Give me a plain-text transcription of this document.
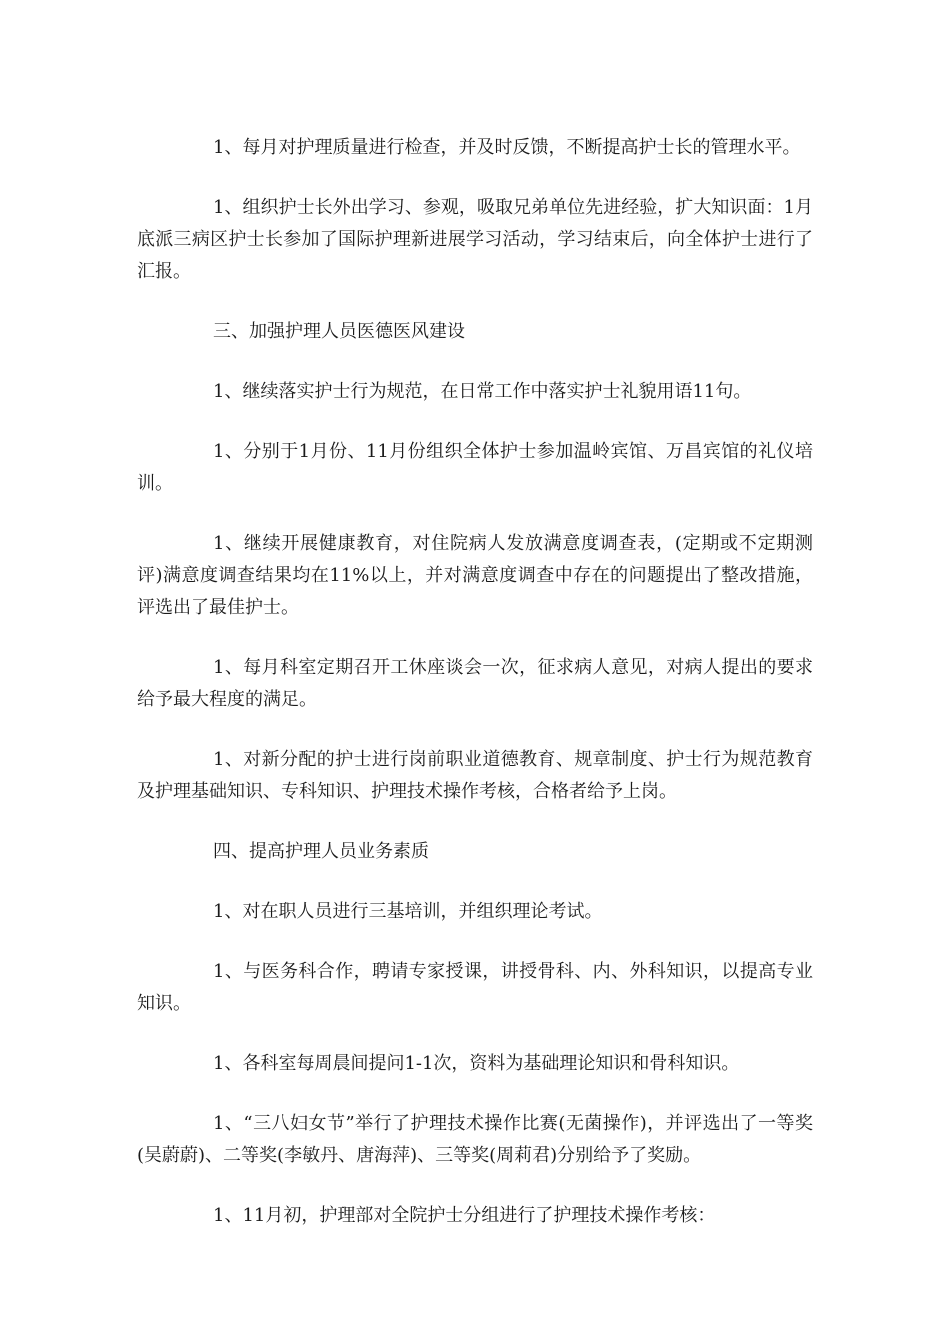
1、每月对护理质量进行检查，并及时反馈，不断提高护士长的管理水平。

1、组织护士长外出学习、参观，吸取兄弟单位先进经验，扩大知识面：1月底派三病区护士长参加了国际护理新进展学习活动，学习结束后，向全体护士进行了汇报。

三、加强护理人员医德医风建设

1、继续落实护士行为规范，在日常工作中落实护士礼貌用语11句。

1、分别于1月份、11月份组织全体护士参加温岭宾馆、万昌宾馆的礼仪培训。

1、继续开展健康教育，对住院病人发放满意度调查表，(定期或不定期测评)满意度调查结果均在11%以上，并对满意度调查中存在的问题提出了整改措施，评选出了最佳护士。

1、每月科室定期召开工休座谈会一次，征求病人意见，对病人提出的要求给予最大程度的满足。

1、对新分配的护士进行岗前职业道德教育、规章制度、护士行为规范教育及护理基础知识、专科知识、护理技术操作考核，合格者给予上岗。

四、提高护理人员业务素质

1、对在职人员进行三基培训，并组织理论考试。

1、与医务科合作，聘请专家授课，讲授骨科、内、外科知识，以提高专业知识。

1、各科室每周晨间提问1-1次，资料为基础理论知识和骨科知识。

1、“三八妇女节”举行了护理技术操作比赛(无菌操作)，并评选出了一等奖(吴蔚蔚)、二等奖(李敏丹、唐海萍)、三等奖(周莉君)分别给予了奖励。

1、11月初，护理部对全院护士分组进行了护理技术操作考核：
